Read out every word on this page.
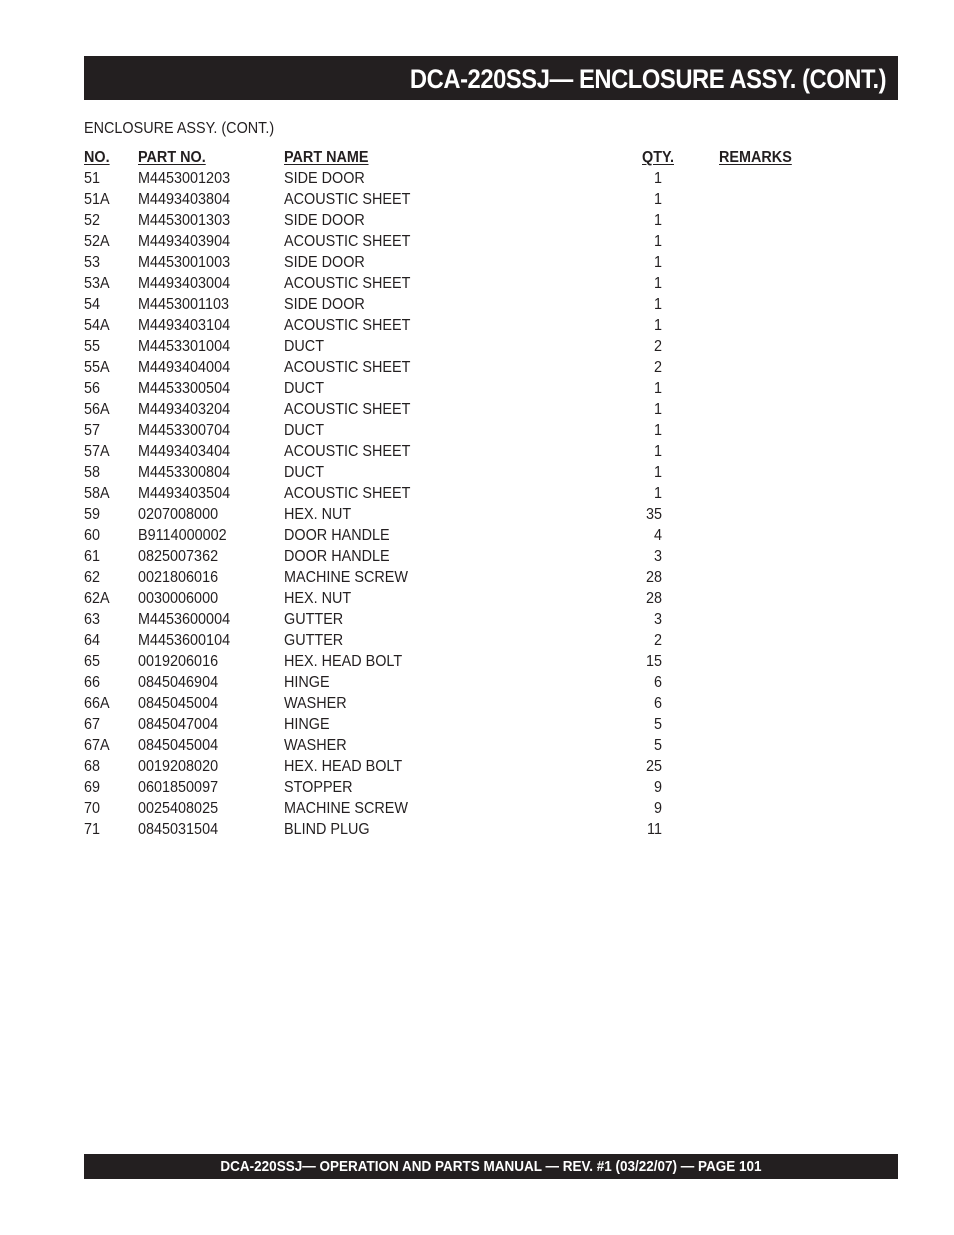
DCA-220SSJ— ENCLOSURE ASSY. (CONT.)
ENCLOSURE ASSY. (CONT.)
NO. PART NO.	PART NAME	QTY.	REMARKS
51 M4453001203	SIDE DOOR	1
51A M4493403804	ACOUSTIC SHEET	1
52 M4453001303	SIDE DOOR	1
52A M4493403904	ACOUSTIC SHEET	1
53 M4453001003	SIDE DOOR	1
53A M4493403004	ACOUSTIC SHEET	1
54 M4453001103	SIDE DOOR	1
54A M4493403104	ACOUSTIC SHEET	1
55 M4453301004	DUCT	2
55A M4493404004	ACOUSTIC SHEET	2
56 M4453300504	DUCT	1
56A M4493403204	ACOUSTIC SHEET	1
57 M4453300704	DUCT	1
57A M4493403404	ACOUSTIC SHEET	1
58 M4453300804	DUCT	1
58A M4493403504	ACOUSTIC SHEET	1
59 0207008000	HEX. NUT	35
60 B9114000002	DOOR HANDLE	4
61 0825007362	DOOR HANDLE	3
62 0021806016	MACHINE SCREW	28
62A 0030006000	HEX. NUT	28
63 M4453600004	GUTTER	3
64 M4453600104	GUTTER	2
65 0019206016	HEX. HEAD BOLT	15
66 0845046904	HINGE	6
66A 0845045004	WASHER	6
67 0845047004	HINGE	5
67A 0845045004	WASHER	5
68 0019208020	HEX. HEAD BOLT	25
69 0601850097	STOPPER	9
70 0025408025	MACHINE SCREW	9
71 0845031504	BLIND PLUG	11
DCA-220SSJ— OPERATION AND PARTS MANUAL — REV. #1 (03/22/07) — PAGE 101
